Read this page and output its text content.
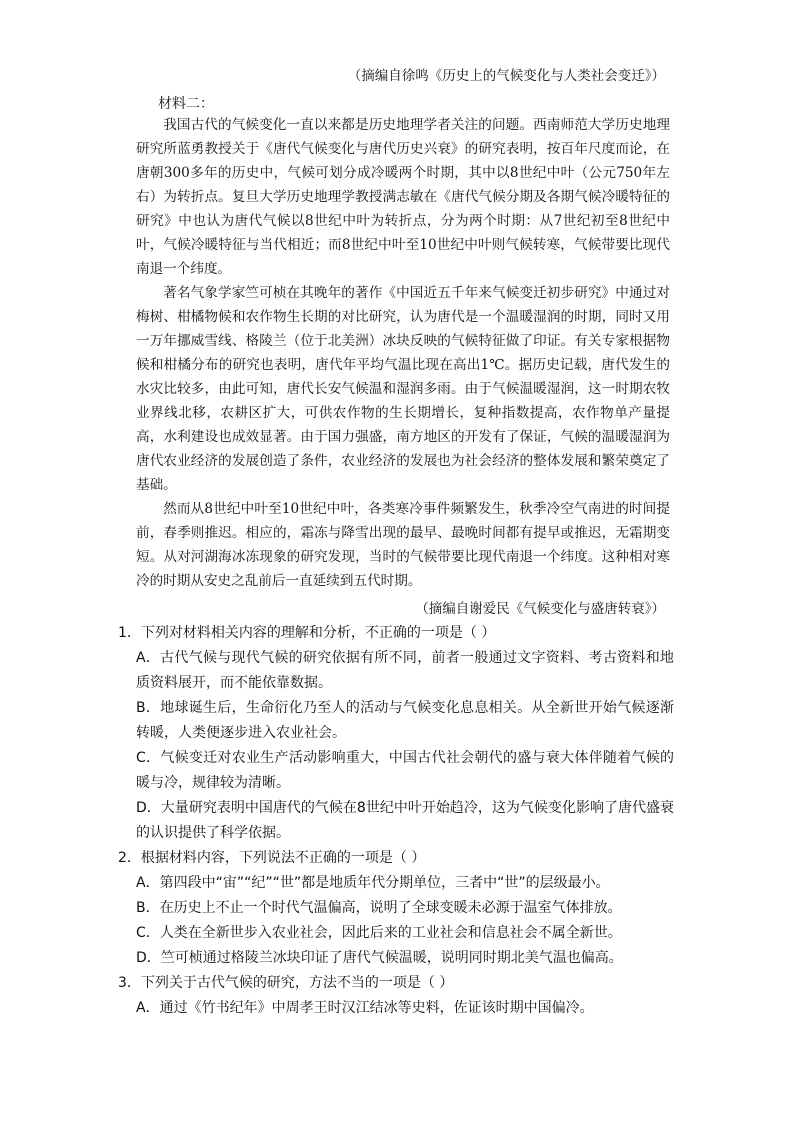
（摘编自徐鸣《历史上的气候变化与人类社会变迁》）
材料二：

我国古代的气候变化一直以来都是历史地理学者关注的问题。西南师范大学历史地理研究所蓝勇教授关于《唐代气候变化与唐代历史兴衰》的研究表明，按百年尺度而论，在唐朝300多年的历史中，气候可划分成冷暖两个时期，其中以8世纪中叶（公元750年左右）为转折点。复旦大学历史地理学教授满志敏在《唐代气候分期及各期气候冷暖特征的研究》中也认为唐代气候以8世纪中叶为转折点，分为两个时期：从7世纪初至8世纪中叶，气候冷暖特征与当代相近；而8世纪中叶至10世纪中叶则气候转寒，气候带要比现代南退一个纬度。

著名气象学家竺可桢在其晚年的著作《中国近五千年来气候变迁初步研究》中通过对梅树、柑橘物候和农作物生长期的对比研究，认为唐代是一个温暖湿润的时期，同时又用一万年挪威雪线、格陵兰（位于北美洲）冰块反映的气候特征做了印证。有关专家根据物候和柑橘分布的研究也表明，唐代年平均气温比现在高出1℃。据历史记载，唐代发生的水灾比较多，由此可知，唐代长安气候温和湿润多雨。由于气候温暖湿润，这一时期农牧业界线北移，农耕区扩大，可供农作物的生长期增长，复种指数提高，农作物单产量提高，水利建设也成效显著。由于国力强盛，南方地区的开发有了保证，气候的温暖湿润为唐代农业经济的发展创造了条件，农业经济的发展也为社会经济的整体发展和繁荣奠定了基础。

然而从8世纪中叶至10世纪中叶，各类寒冷事件频繁发生，秋季冷空气南进的时间提前，春季则推迟。相应的，霜冻与降雪出现的最早、最晚时间都有提早或推迟，无霜期变短。从对河湖海冰冻现象的研究发现，当时的气候带要比现代南退一个纬度。这种相对寒冷的时期从安史之乱前后一直延续到五代时期。

（摘编自谢爱民《气候变化与盛唐转衰》）

1．下列对材料相关内容的理解和分析，不正确的一项是（ ）

A．古代气候与现代气候的研究依据有所不同，前者一般通过文字资料、考古资料和地质资料展开，而不能依靠数据。

B．地球诞生后，生命衍化乃至人的活动与气候变化息息相关。从全新世开始气候逐渐转暖，人类便逐步进入农业社会。

C．气候变迁对农业生产活动影响重大，中国古代社会朝代的盛与衰大体伴随着气候的暖与冷，规律较为清晰。

D．大量研究表明中国唐代的气候在8世纪中叶开始趋冷，这为气候变化影响了唐代盛衰的认识提供了科学依据。

2．根据材料内容，下列说法不正确的一项是（ ）

A．第四段中“宙”“纪”“世”都是地质年代分期单位，三者中“世”的层级最小。

B．在历史上不止一个时代气温偏高，说明了全球变暖未必源于温室气体排放。

C．人类在全新世步入农业社会，因此后来的工业社会和信息社会不属全新世。

D．竺可桢通过格陵兰冰块印证了唐代气候温暖，说明同时期北美气温也偏高。

3．下列关于古代气候的研究，方法不当的一项是（ ）

A．通过《竹书纪年》中周孝王时汉江结冰等史料，佐证该时期中国偏冷。
